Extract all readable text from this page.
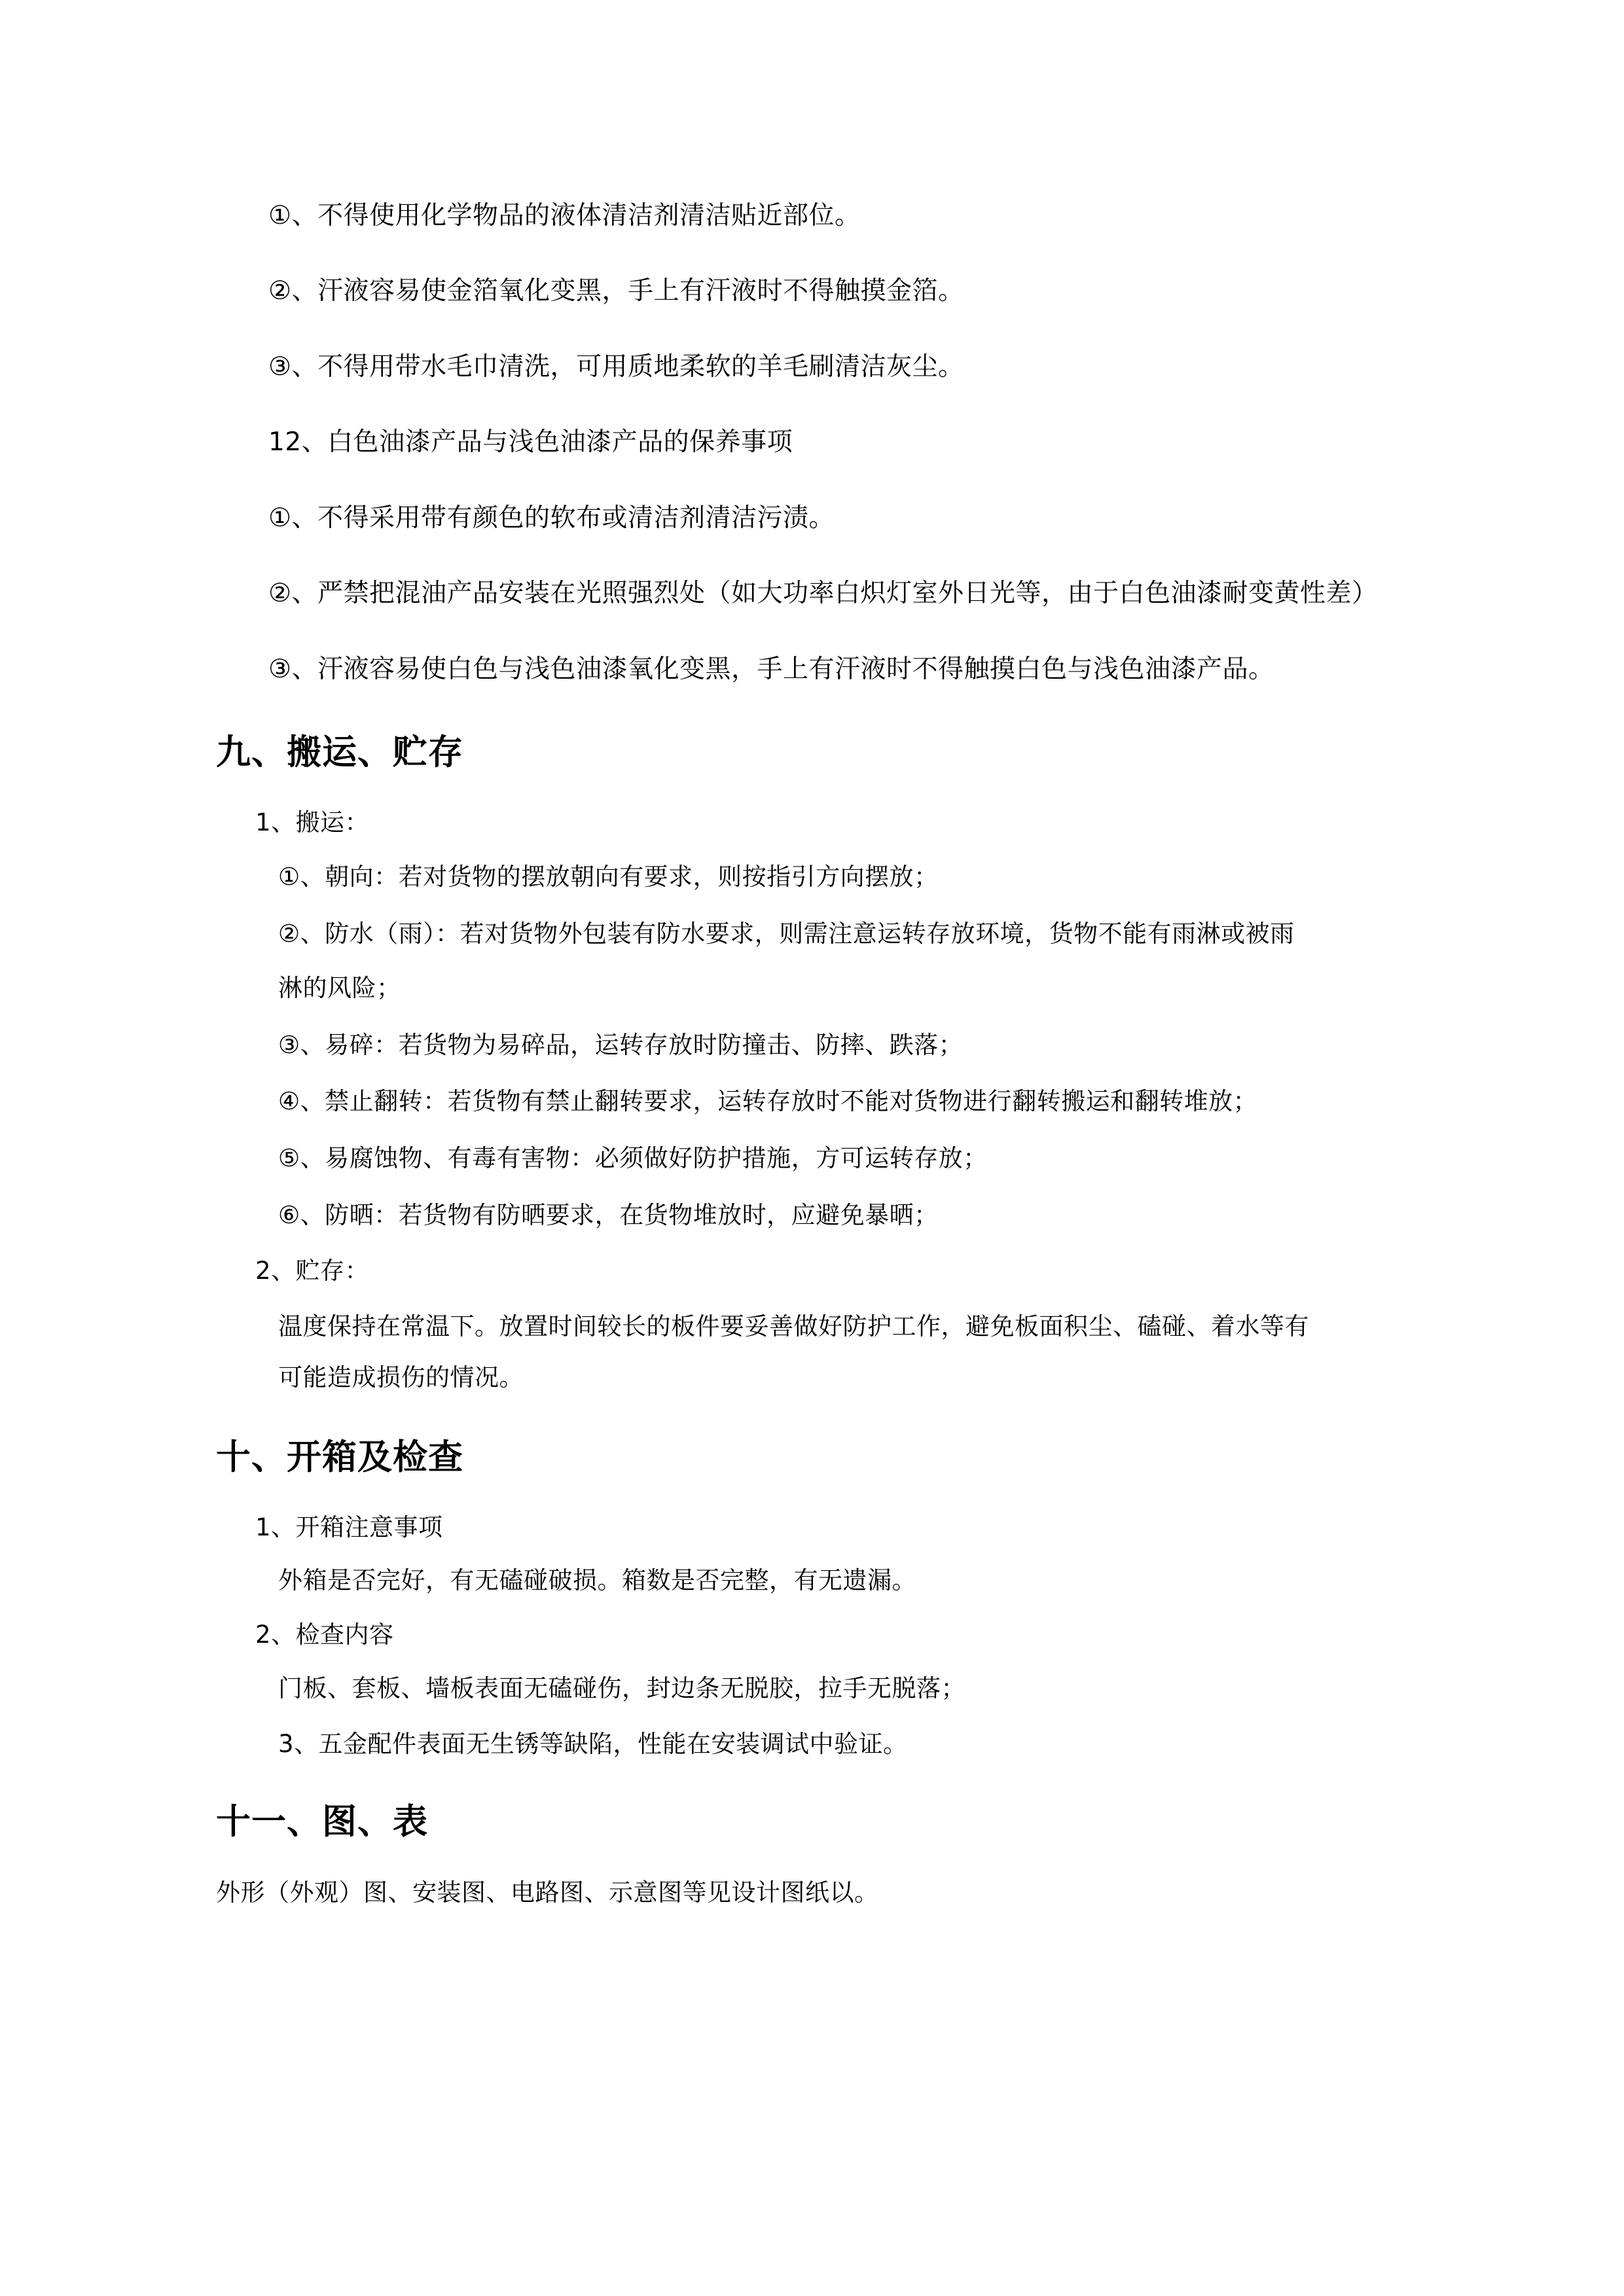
①、不得使用化学物品的液体清洁剂清洁贴近部位。

②、汗液容易使金箔氧化变黑，手上有汗液时不得触摸金箔。

③、不得用带水毛巾清洗，可用质地柔软的羊毛刷清洁灰尘。

12、白色油漆产品与浅色油漆产品的保养事项

①、不得采用带有颜色的软布或清洁剂清洁污渍。

②、严禁把混油产品安装在光照强烈处（如大功率白炽灯室外日光等，由于白色油漆耐变黄性差）

③、汗液容易使白色与浅色油漆氧化变黑，手上有汗液时不得触摸白色与浅色油漆产品。

九、搬运、贮存

1、搬运：

①、朝向：若对货物的摆放朝向有要求，则按指引方向摆放；

②、防水（雨）：若对货物外包装有防水要求，则需注意运转存放环境，货物不能有雨淋或被雨

淋的风险；

③、易碎：若货物为易碎品，运转存放时防撞击、防摔、跌落；

④、禁止翻转：若货物有禁止翻转要求，运转存放时不能对货物进行翻转搬运和翻转堆放；

⑤、易腐蚀物、有毒有害物：必须做好防护措施，方可运转存放；

⑥、防晒：若货物有防晒要求，在货物堆放时，应避免暴晒；

2、贮存：

温度保持在常温下。放置时间较长的板件要妥善做好防护工作，避免板面积尘、磕碰、着水等有

可能造成损伤的情况。

十、开箱及检查

1、开箱注意事项

外箱是否完好，有无磕碰破损。箱数是否完整，有无遗漏。

2、检查内容

门板、套板、墙板表面无磕碰伤，封边条无脱胶，拉手无脱落；

3、五金配件表面无生锈等缺陷，性能在安装调试中验证。

十一、图、表

外形（外观）图、安装图、电路图、示意图等见设计图纸以。
